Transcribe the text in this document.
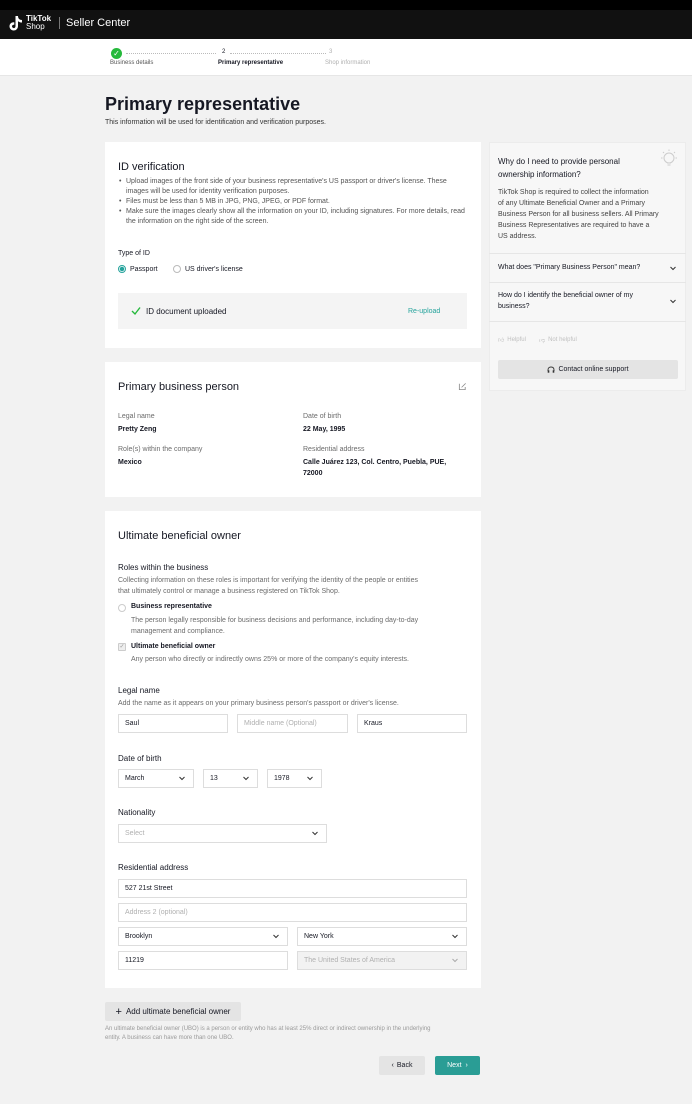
TikTok
Shop	Seller Center
✓	2	3
Business details	Primary representative	Shop information
Primary representative
This information will be used for identification and verification purposes.
ID verification
• Upload images of the front side of your business representative's US passport or driver's license. These images will be used for identity verification purposes.
• Files must be less than 5 MB in JPG, PNG, JPEG, or PDF format.
• Make sure the images clearly show all the information on your ID, including signatures. For more details, read the information on the right side of the screen.
Type of ID
Passport	US driver's license
ID document uploaded	Re-upload
Primary business person
Legal name
Pretty Zeng
Date of birth
22 May, 1995
Role(s) within the company
Mexico
Residential address
Calle Juárez 123, Col. Centro, Puebla, PUE,
72000
Ultimate beneficial owner
Roles within the business
Collecting information on these roles is important for verifying the identity of the people or entities
that ultimately control or manage a business registered on TikTok Shop.
Business representative
The person legally responsible for business decisions and performance, including day-to-day
management and compliance.
✓ Ultimate beneficial owner
Any person who directly or indirectly owns 25% or more of the company's equity interests.
Legal name
Add the name as it appears on your primary business person's passport or driver's license.
Saul	Middle name (Optional)	Kraus
Date of birth
March	13	1978
Nationality
Select
Residential address
527 21st Street
Address 2 (optional)
Brooklyn	New York
11219	The United States of America
+ Add ultimate beneficial owner
An ultimate beneficial owner (UBO) is a person or entity who has at least 25% direct or indirect ownership in the underlying
entity. A business can have more than one UBO.
‹ Back	Next ›
Why do I need to provide personal
ownership information?
TikTok Shop is required to collect the information
of any Ultimate Beneficial Owner and a Primary
Business Person for all business sellers. All Primary
Business Representatives are required to have a
US address.
What does "Primary Business Person" mean?
How do I identify the beneficial owner of my
business?
👍︎ Helpful 👎︎ Not helpful
Contact online support
